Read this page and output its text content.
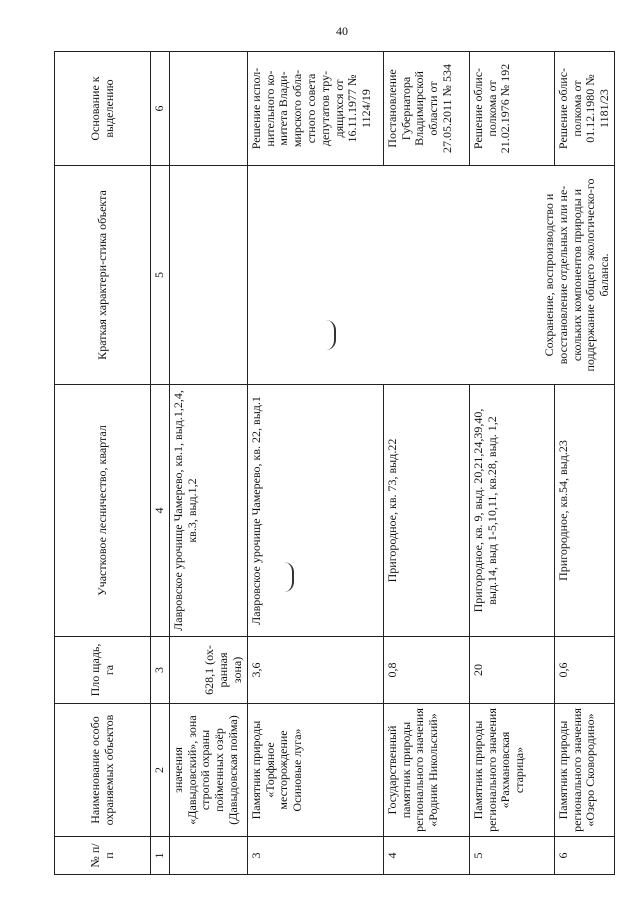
40
№ п/п	Наименование особо охраняемых объектов	Пло щадь, га	Участковое лесничество, квартал	Краткая характери-стика объекта	Основание к выделению
1	2	3	4	5	6
	значения «Давыдовский», зона строгой охраны пойменных озёр (Давыдовская пойма)	628,1 (ох-ранная зона)	Лавровское урочище Чамерево, кв.1, выд.1,2,4, кв.3, выд.1,2		
3	Памятник природы «Торфяное месторождение Осиновые луга»	3,6	Лавровское урочище Чамерево, кв. 22, выд.1	Сохранение, воспроизводство и восстановление отдельных или не-скольких компонентов природы и поддержание общего экологическо-го баланса.	Решение испол-нительного ко-митета Влади-мирского обла-стного совета депутатов тру-дящихся от 16.11.1977 № 1124/19
4	Государственный памятник природы регионального значения «Родник Никольский»	0,8	Пригородное, кв. 73, выд.22		Постановление Губернатора Владимирской области от 27.05.2011 № 534
5	Памятник природы регионального значения «Рахмановская старица»	20	Пригородное, кв. 9, выд. 20,21,24,39,40, выд.14, выд 1-5,10,11, кв.28, выд. 1,2		Решение облис-полкома от 21.02.1976 № 192
6	Памятник природы регионального значения «Озеро Сковородино»	0,6	Пригородное, кв.54, выд.23		Решение облис-полкома от 01.12.1980 № 1181/23
